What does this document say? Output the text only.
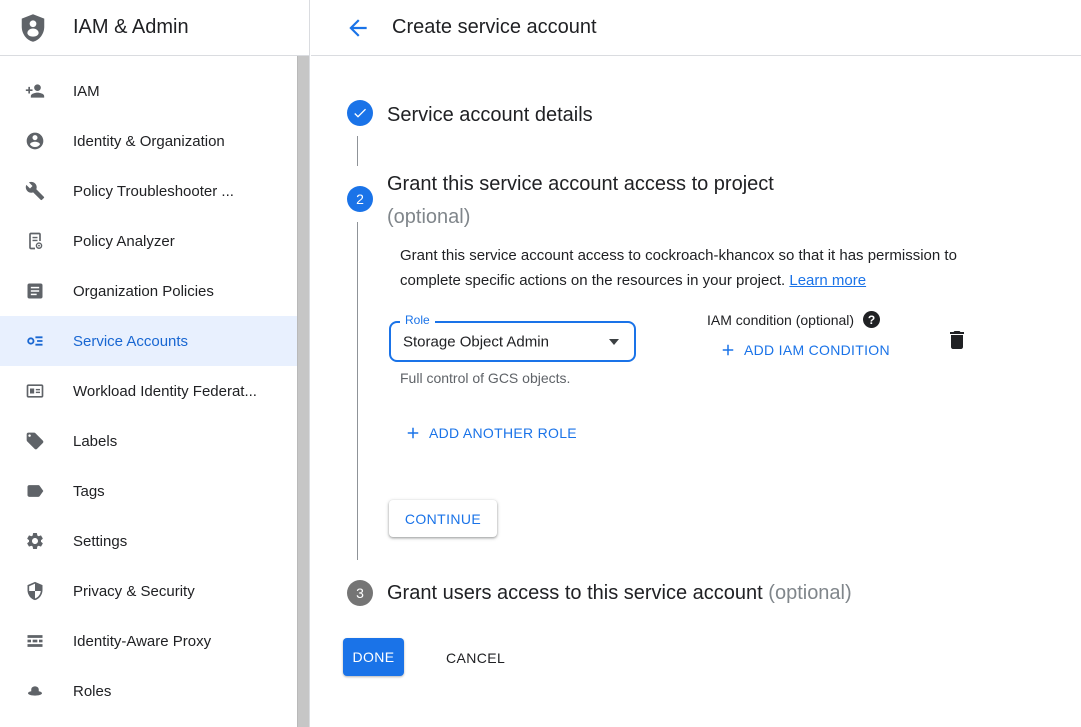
IAM & Admin
IAM
Identity & Organization
Policy Troubleshooter ...
Policy Analyzer
Organization Policies
Service Accounts
Workload Identity Federat...
Labels
Tags
Settings
Privacy & Security
Identity-Aware Proxy
Roles
Create service account
Service account details
2
Grant this service account access to project
(optional)
Grant this service account access to cockroach-khancox so that it has permission to complete specific actions on the resources in your project. Learn more
Role
Storage Object Admin
Full control of GCS objects.
IAM condition (optional)	?
ADD IAM CONDITION
ADD ANOTHER ROLE
CONTINUE
3 Grant users access to this service account (optional)
DONE	CANCEL
